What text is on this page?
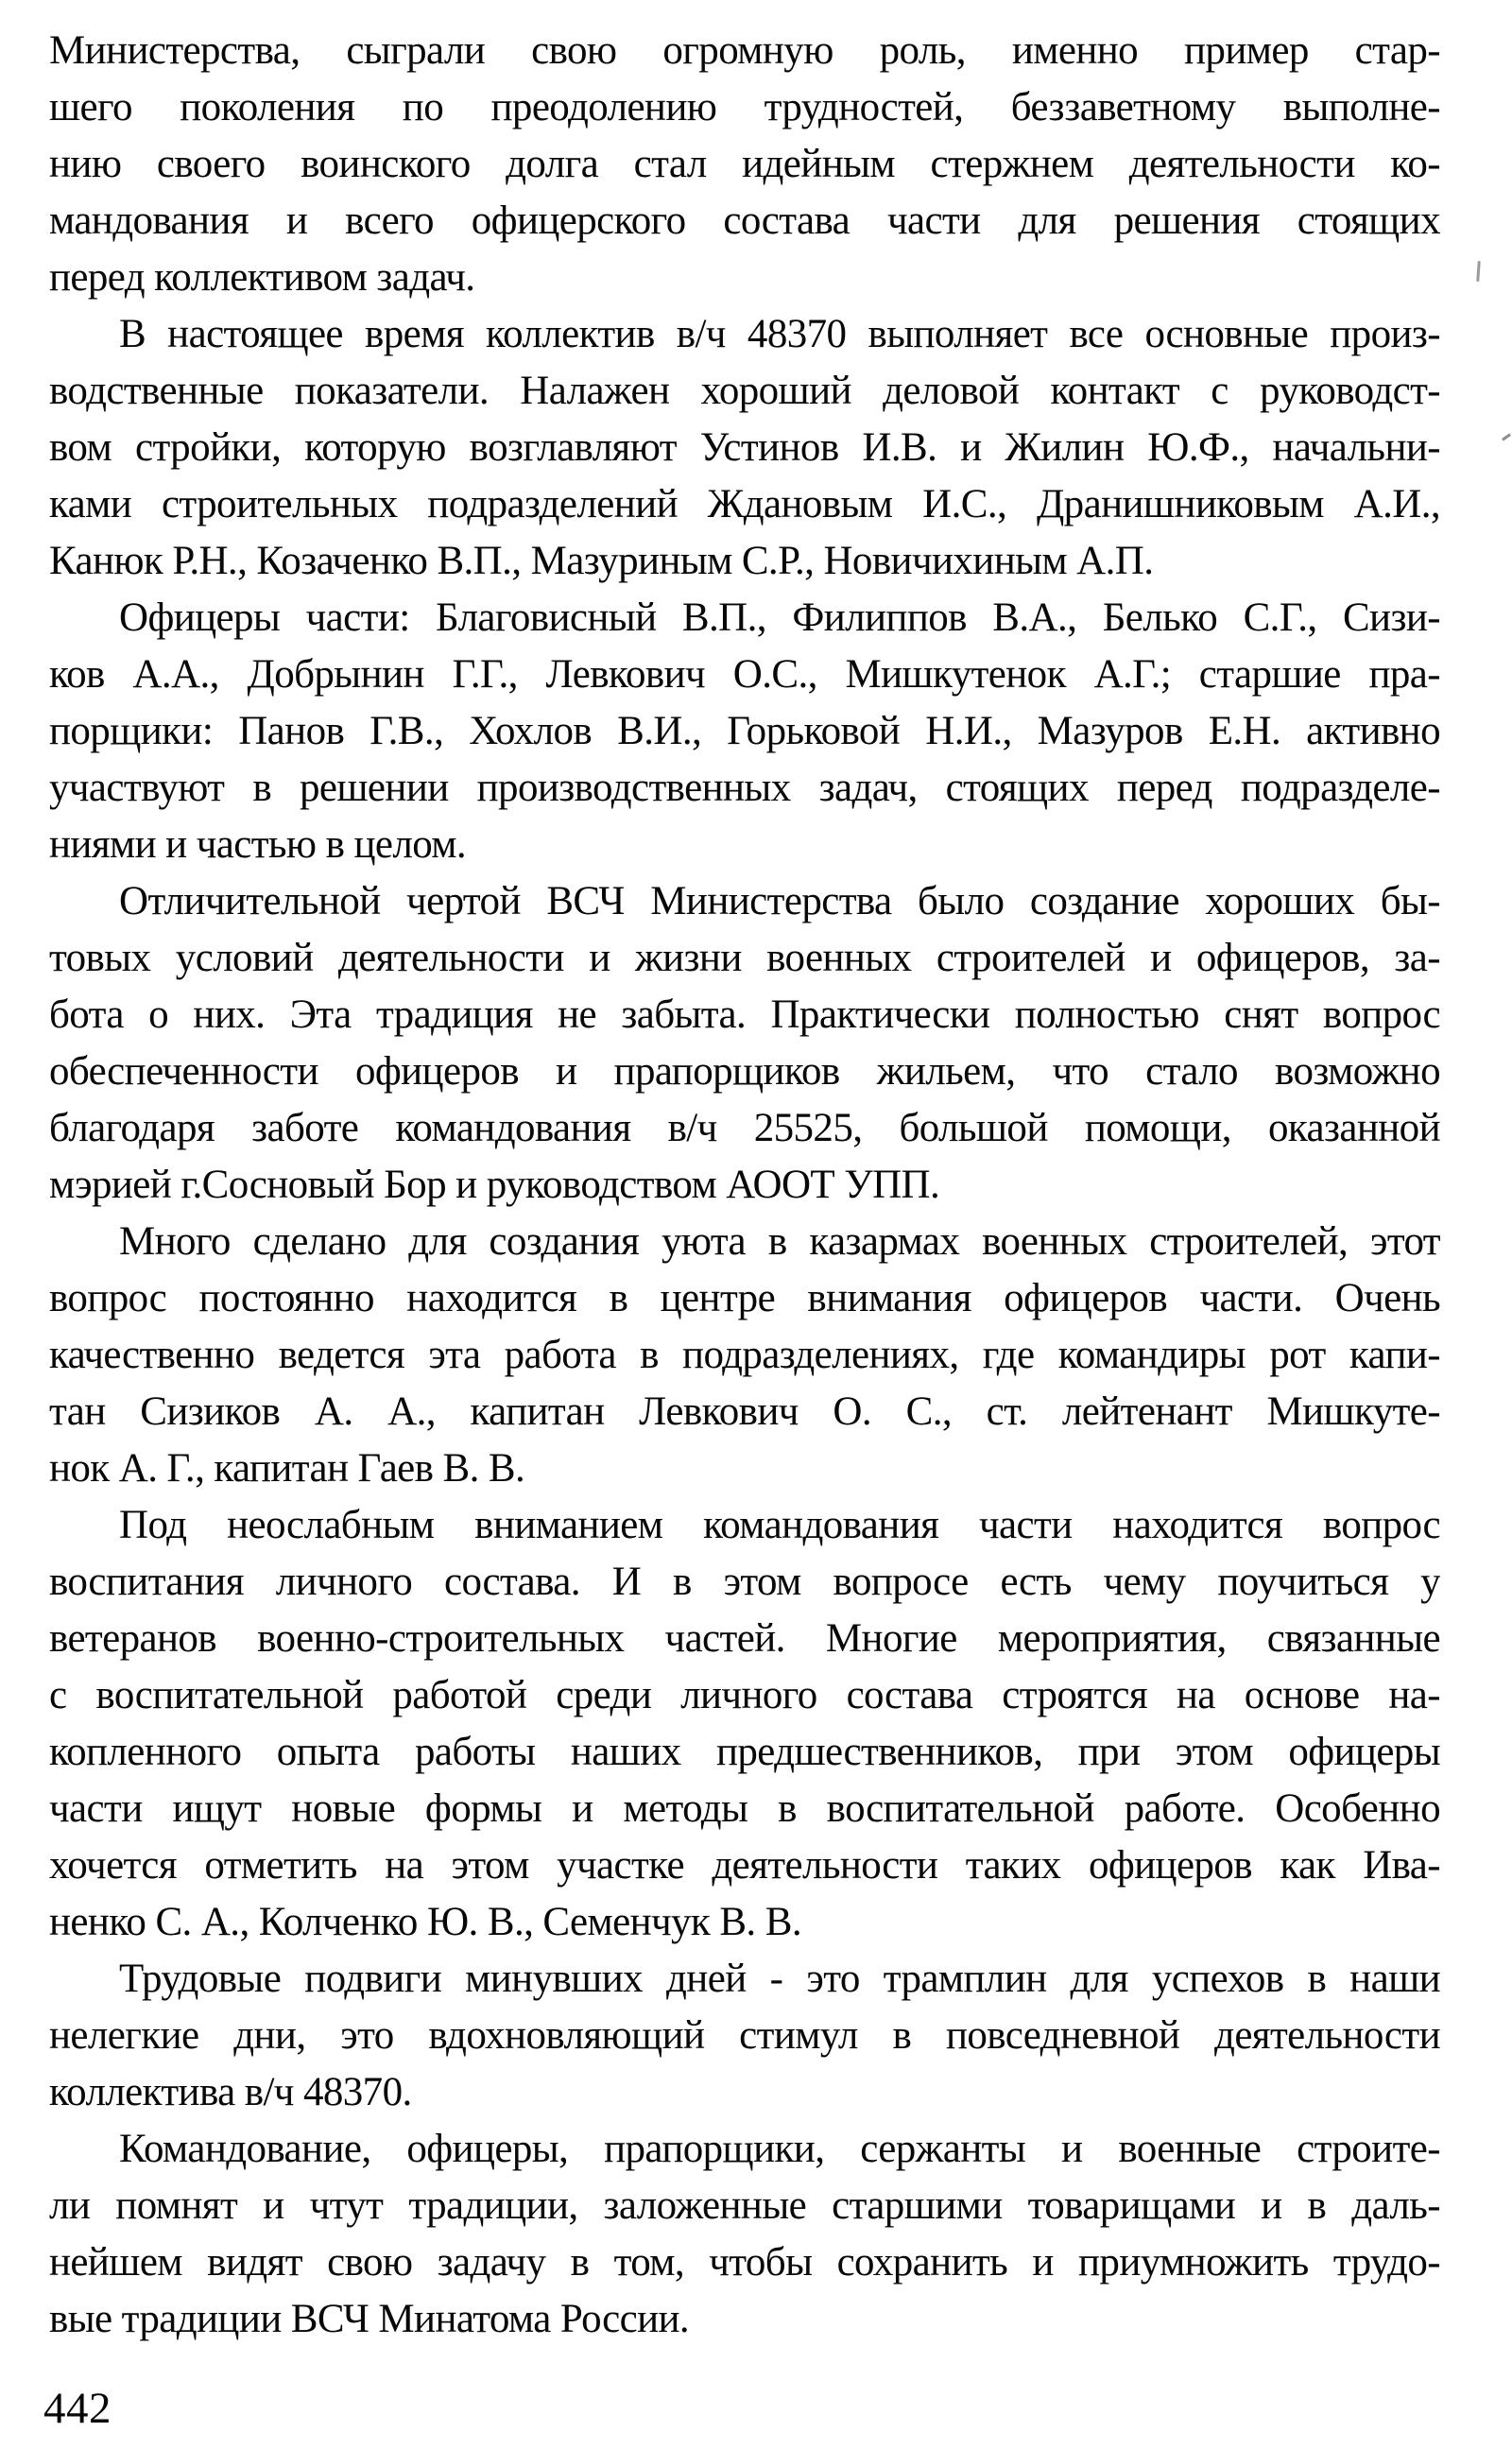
Министерства, сыграли свою огромную роль, именно пример стар-
шего поколения по преодолению трудностей, беззаветному выполне-
нию своего воинского долга стал идейным стержнем деятельности ко-
мандования и всего офицерского состава части для решения стоящих
перед коллективом задач.
В настоящее время коллектив в/ч 48370 выполняет все основные произ-
водственные показатели. Налажен хороший деловой контакт с руководст-
вом стройки, которую возглавляют Устинов И.В. и Жилин Ю.Ф., начальни-
ками строительных подразделений Ждановым И.С., Дранишниковым А.И.,
Канюк Р.Н., Козаченко В.П., Мазуриным С.Р., Новичихиным А.П.
Офицеры части: Благовисный В.П., Филиппов В.А., Белько С.Г., Сизи-
ков А.А., Добрынин Г.Г., Левкович О.С., Мишкутенок А.Г.; старшие пра-
порщики: Панов Г.В., Хохлов В.И., Горьковой Н.И., Мазуров Е.Н. активно
участвуют в решении производственных задач, стоящих перед подразделе-
ниями и частью в целом.
Отличительной чертой ВСЧ Министерства было создание хороших бы-
товых условий деятельности и жизни военных строителей и офицеров, за-
бота о них. Эта традиция не забыта. Практически полностью снят вопрос
обеспеченности офицеров и прапорщиков жильем, что стало возможно
благодаря заботе командования в/ч 25525, большой помощи, оказанной
мэрией г.Сосновый Бор и руководством АООТ УПП.
Много сделано для создания уюта в казармах военных строителей, этот
вопрос постоянно находится в центре внимания офицеров части. Очень
качественно ведется эта работа в подразделениях, где командиры рот капи-
тан Сизиков А. А., капитан Левкович О. С., ст. лейтенант Мишкуте-
нок А. Г., капитан Гаев В. В.
Под неослабным вниманием командования части находится вопрос
воспитания личного состава. И в этом вопросе есть чему поучиться у
ветеранов военно-строительных частей. Многие мероприятия, связанные
с воспитательной работой среди личного состава строятся на основе на-
копленного опыта работы наших предшественников, при этом офицеры
части ищут новые формы и методы в воспитательной работе. Особенно
хочется отметить на этом участке деятельности таких офицеров как Ива-
ненко С. А., Колченко Ю. В., Семенчук В. В.
Трудовые подвиги минувших дней - это трамплин для успехов в наши
нелегкие дни, это вдохновляющий стимул в повседневной деятельности
коллектива в/ч 48370.
Командование, офицеры, прапорщики, сержанты и военные строите-
ли помнят и чтут традиции, заложенные старшими товарищами и в даль-
нейшем видят свою задачу в том, чтобы сохранить и приумножить трудо-
вые традиции ВСЧ Минатома России.
442
